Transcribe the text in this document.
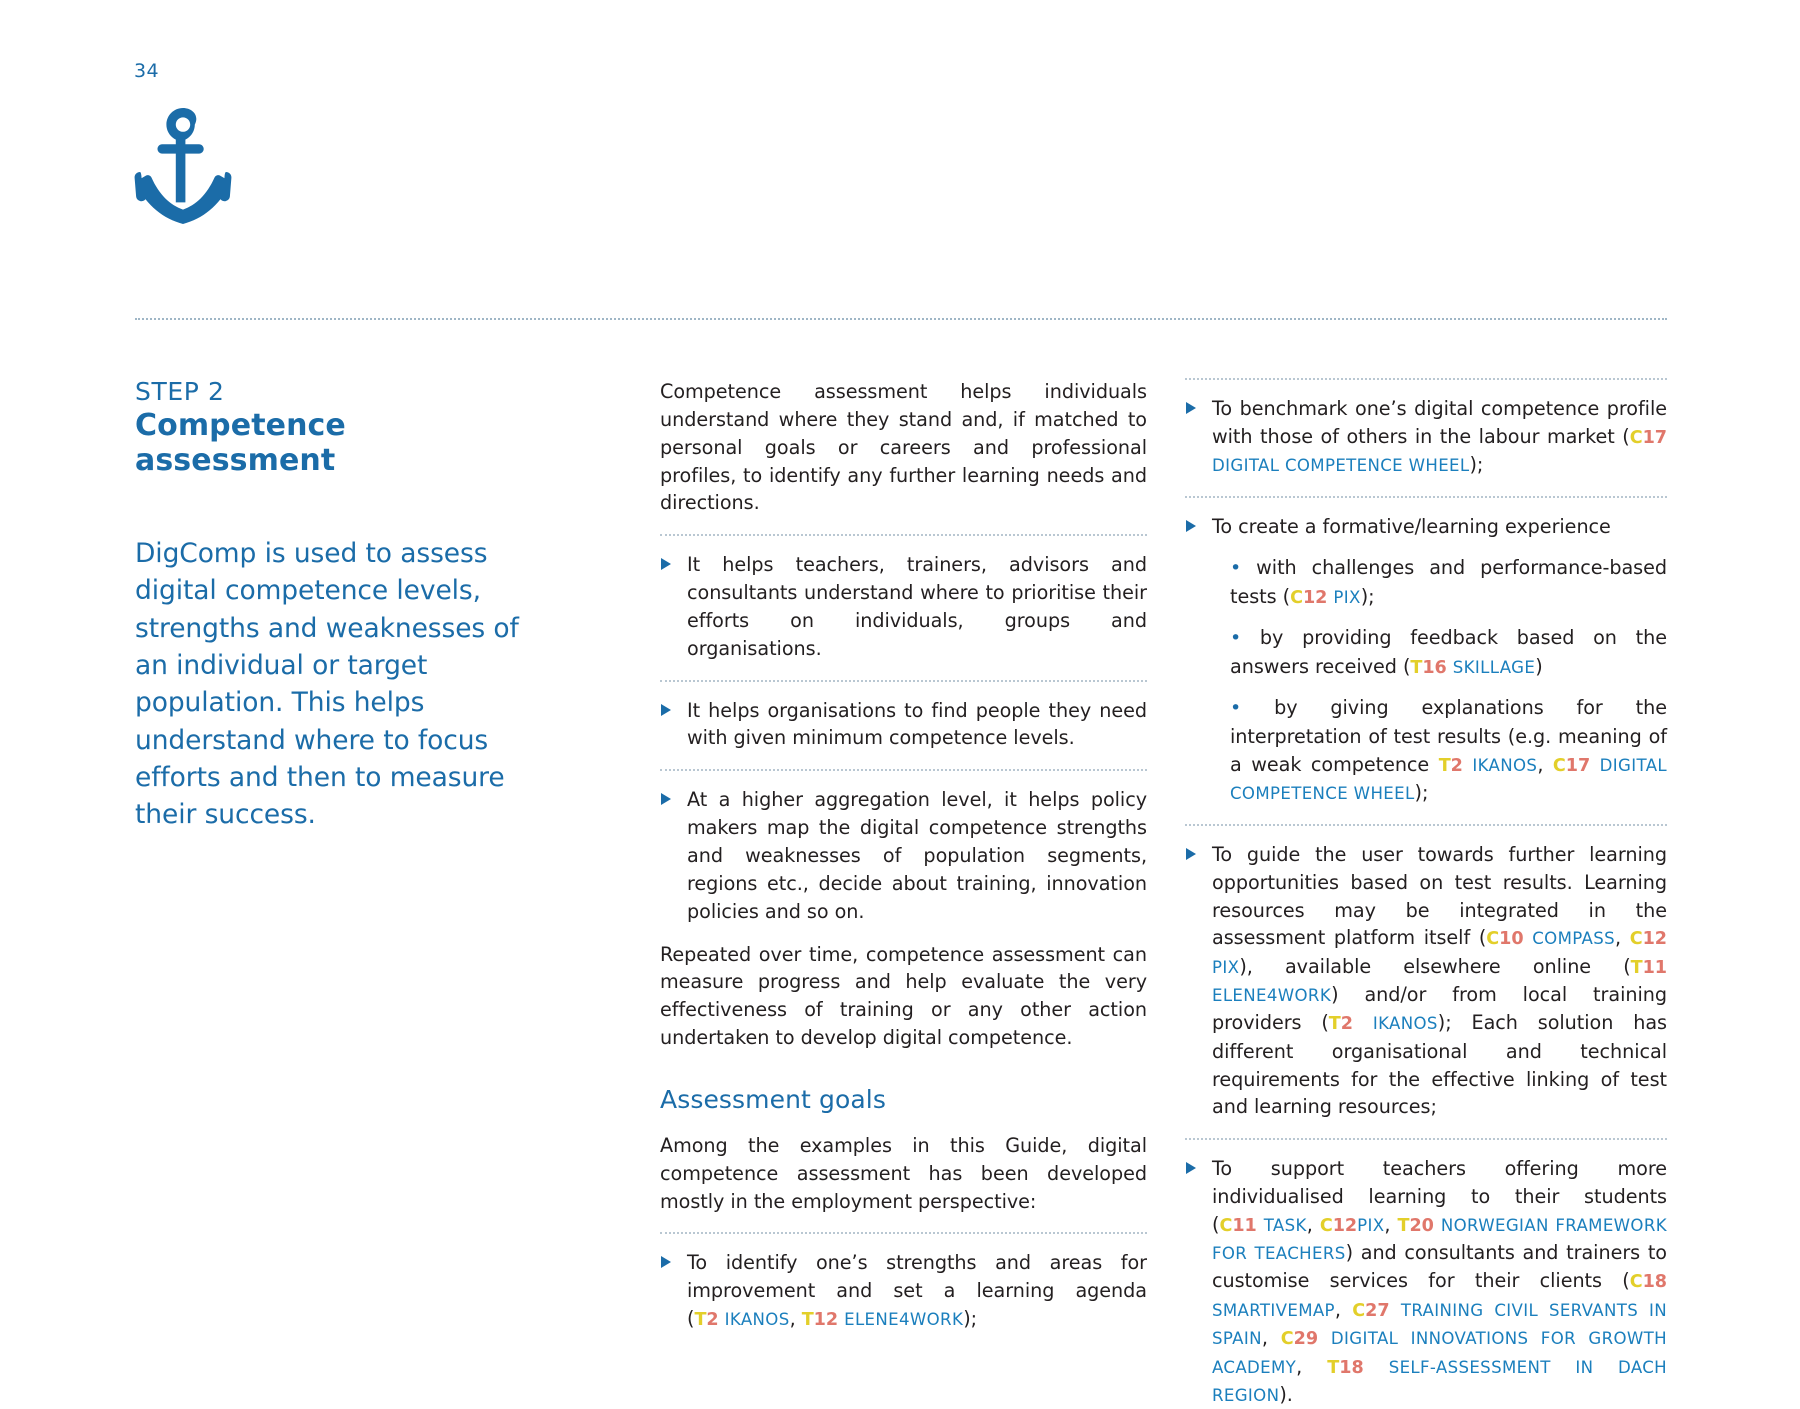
34
STEP 2
Competence assessment
DigComp is used to assess digital competence levels, strengths and weaknesses of an individual or target population. This helps understand where to focus efforts and then to measure their success.
Competence assessment helps individuals understand where they stand and, if matched to personal goals or careers and professional profiles, to identify any further learning needs and directions.
It helps teachers, trainers, advisors and consultants understand where to prioritise their efforts on individuals, groups and organisations.
It helps organisations to find people they need with given minimum competence levels.
At a higher aggregation level, it helps policy makers map the digital competence strengths and weaknesses of population segments, regions etc., decide about training, innovation policies and so on.
Repeated over time, competence assessment can measure progress and help evaluate the very effectiveness of training or any other action undertaken to develop digital competence.
Assessment goals
Among the examples in this Guide, digital competence assessment has been developed mostly in the employment perspective:
To identify one’s strengths and areas for improvement and set a learning agenda (T2 IKANOS, T12 ELENE4WORK);
To benchmark one’s digital competence profile with those of others in the labour market (C17 DIGITAL COMPETENCE WHEEL);
To create a formative/learning experience
• with challenges and performance-based tests (C12 PIX);
• by providing feedback based on the answers received (T16 SKILLAGE)
• by giving explanations for the interpretation of test results (e.g. meaning of a weak competence T2 IKANOS, C17 DIGITAL COMPETENCE WHEEL);
To guide the user towards further learning opportunities based on test results. Learning resources may be integrated in the assessment platform itself (C10 COMPASS, C12 PIX), available elsewhere online (T11 ELENE4WORK) and/or from local training providers (T2 IKANOS); Each solution has different organisational and technical requirements for the effective linking of test and learning resources;
To support teachers offering more individualised learning to their students (C11 TASK, C12PIX, T20 NORWEGIAN FRAMEWORK FOR TEACHERS) and consultants and trainers to customise services for their clients (C18 SMARTIVEMAP, C27 TRAINING CIVIL SERVANTS IN SPAIN, C29 DIGITAL INNOVATIONS FOR GROWTH ACADEMY, T18 SELF-ASSESSMENT IN DACH REGION).
